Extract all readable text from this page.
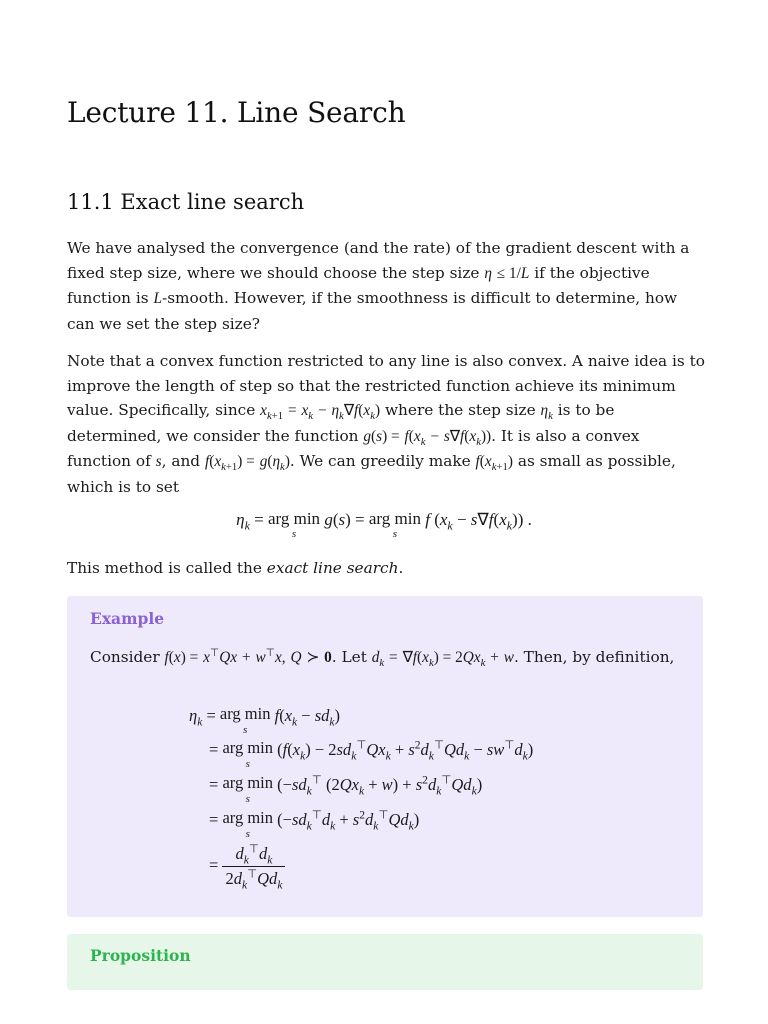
Lecture 11. Line Search
11.1 Exact line search

We have analysed the convergence (and the rate) of the gradient descent with a fixed step size, where we should choose the step size η ≤ 1/L if the objective function is L-smooth. However, if the smoothness is difficult to determine, how can we set the step size?

Note that a convex function restricted to any line is also convex. A naive idea is to improve the length of step so that the restricted function achieve its minimum value. Specifically, since $x_{k+1} = x_k - \eta_k\nabla f(x_k)$ where the step size $\eta_k$ is to be determined, we consider the function $g(s) = f(x_k - s\nabla f(x_k))$. It is also a convex function of s, and $f(x_{k+1}) = g(\eta_k)$. We can greedily make $f(x_{k+1})$ as small as possible, which is to set

$\eta_k$ = arg min
s
g(s) = arg min
s
f $(x_k - s\nabla f(x_k))$ .

This method is called the exact line search.

Example

Consider f(x) = x⊤Qx + w⊤x, Q ≻ 0. Let $d_k = \nabla f(x_k) = 2Qx_k + w$. Then, by definition,

$\eta_k$ = arg min
s
$f(x_k - sd_k)$
= arg min
s
$(f(x_k) - 2sd_k^⊤Qx_k + s^2d_k^⊤Qd_k - sw^⊤d_k)$
= arg min
s
($-sd_k^⊤$ $(2Qx_k + w) + s^2d_k^⊤Qd_k$)
= arg min
s
$(-sd_k^⊤d_k + s^2d_k^⊤Qd_k)$
= $\frac{d_k^⊤d_k}{2d_k^⊤Qd_k}$
Proposition
